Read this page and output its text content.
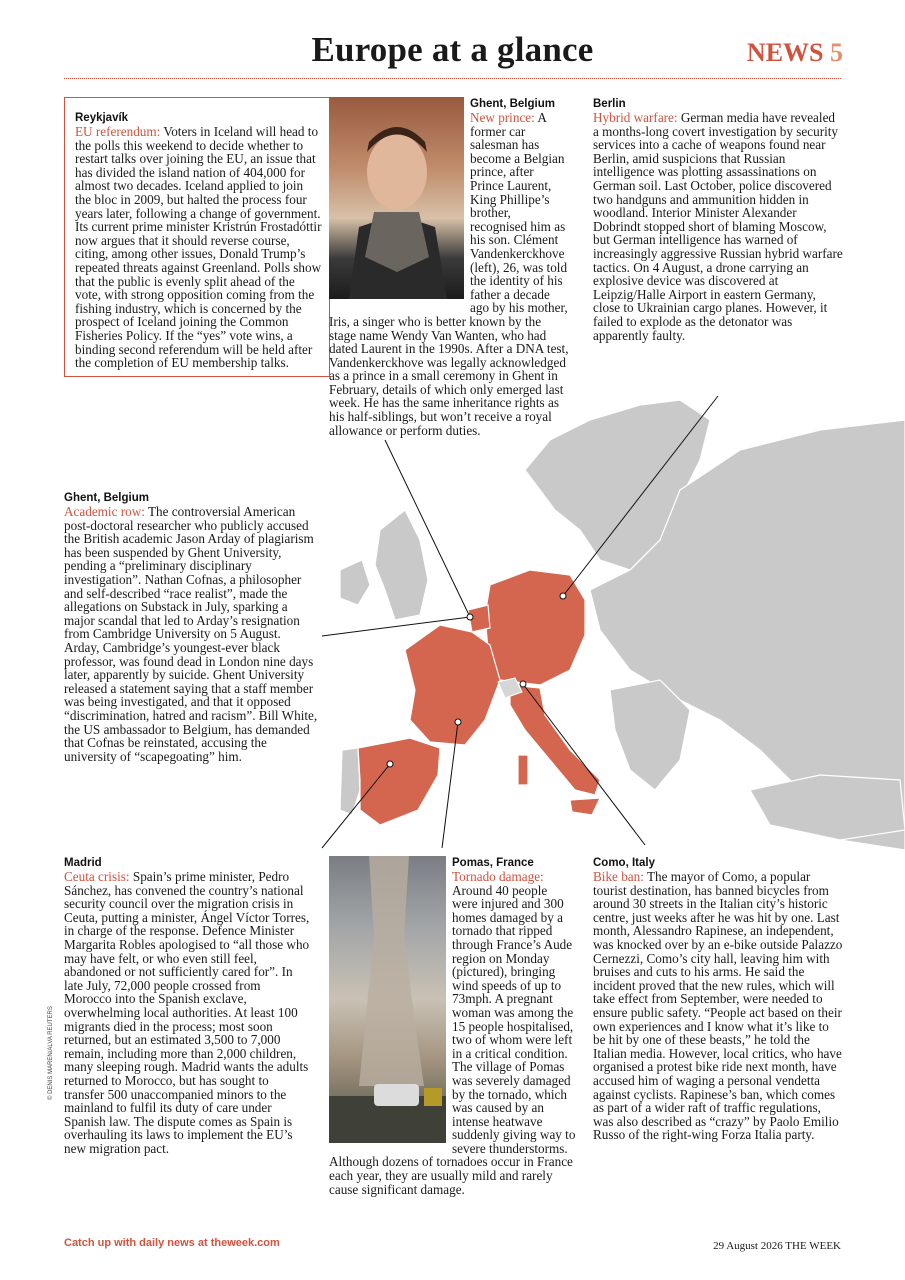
Europe at a glance	NEWS 5

Reykjavík

EU referendum: Voters in Iceland will head to the polls this weekend to decide whether to restart talks over joining the EU, an issue that has divided the island nation of 404,000 for almost two decades. Iceland applied to join the bloc in 2009, but halted the process four years later, following a change of government. Its current prime minister Kristrún Frostadóttir now argues that it should reverse course, citing, among other issues, Donald Trump’s repeated threats against Greenland. Polls show that the public is evenly split ahead of the vote, with strong opposition coming from the fishing industry, which is concerned by the prospect of Iceland joining the Common Fisheries Policy. If the “yes” vote wins, a binding second referendum will be held after the completion of EU membership talks.

Ghent, Belgium

New prince: A former car salesman has become a Belgian prince, after Prince Laurent, King Phillipe’s brother, recognised him as his son. Clément Vandenkerckhove (left), 26, was told the identity of his father a decade ago by his mother, Iris, a singer who is better known by the stage name Wendy Van Wanten, who had dated Laurent in the 1990s. After a DNA test, Vandenkerckhove was legally acknowledged as a prince in a small ceremony in Ghent in February, details of which only emerged last week. He has the same inheritance rights as his half-siblings, but won’t receive a royal allowance or perform duties.

Berlin

Hybrid warfare: German media have revealed a months-long covert investigation by security services into a cache of weapons found near Berlin, amid suspicions that Russian intelligence was plotting assassinations on German soil. Last October, police discovered two handguns and ammunition hidden in woodland. Interior Minister Alexander Dobrindt stopped short of blaming Moscow, but German intelligence has warned of increasingly aggressive Russian hybrid warfare tactics. On 4 August, a drone carrying an explosive device was discovered at Leipzig/Halle Airport in eastern Germany, close to Ukrainian cargo planes. However, it failed to explode as the detonator was apparently faulty.

Ghent, Belgium

Academic row: The controversial American post-doctoral researcher who publicly accused the British academic Jason Arday of plagiarism has been suspended by Ghent University, pending a “preliminary disciplinary investigation”. Nathan Cofnas, a philosopher and self-described “race realist”, made the allegations on Substack in July, sparking a major scandal that led to Arday’s resignation from Cambridge University on 5 August. Arday, Cambridge’s youngest-ever black professor, was found dead in London nine days later, apparently by suicide. Ghent University released a statement saying that a staff member was being investigated, and that it opposed “discrimination, hatred and racism”. Bill White, the US ambassador to Belgium, has demanded that Cofnas be reinstated, accusing the university of “scapegoating” him.

Madrid

Ceuta crisis: Spain’s prime minister, Pedro Sánchez, has convened the country’s national security council over the migration crisis in Ceuta, putting a minister, Ángel Víctor Torres, in charge of the response. Defence Minister Margarita Robles apologised to “all those who may have felt, or who even still feel, abandoned or not sufficiently cared for”. In late July, 72,000 people crossed from Morocco into the Spanish exclave, overwhelming local authorities. At least 100 migrants died in the process; most soon returned, but an estimated 3,500 to 7,000 remain, including more than 2,000 children, many sleeping rough. Madrid wants the adults returned to Morocco, but has sought to transfer 500 unaccompanied minors to the mainland to fulfil its duty of care under Spanish law. The dispute comes as Spain is overhauling its laws to implement the EU’s new migration pact.

Pomas, France

Tornado damage: Around 40 people were injured and 300 homes damaged by a tornado that ripped through France’s Aude region on Monday (pictured), bringing wind speeds of up to 73mph. A pregnant woman was among the 15 people hospitalised, two of whom were left in a critical condition. The village of Pomas was severely damaged by the tornado, which was caused by an intense heatwave suddenly giving way to severe thunderstorms. Although dozens of tornadoes occur in France each year, they are usually mild and rarely cause significant damage.

Como, Italy

Bike ban: The mayor of Como, a popular tourist destination, has banned bicycles from around 30 streets in the Italian city’s historic centre, just weeks after he was hit by one. Last month, Alessandro Rapinese, an independent, was knocked over by an e-bike outside Palazzo Cernezzi, Como’s city hall, leaving him with bruises and cuts to his arms. He said the incident proved that the new rules, which will take effect from September, were needed to ensure public safety. “People act based on their own experiences and I know what it’s like to be hit by one of these beasts,” he told the Italian media. However, local critics, who have organised a protest bike ride next month, have accused him of waging a personal vendetta against cyclists. Rapinese’s ban, which comes as part of a wider raft of traffic regulations, was also described as “crazy” by Paolo Emilio Russo of the right-wing Forza Italia party.

© DENIS MAREN/ALVA REUTERS

Catch up with daily news at theweek.com	29 August 2026 THE WEEK
